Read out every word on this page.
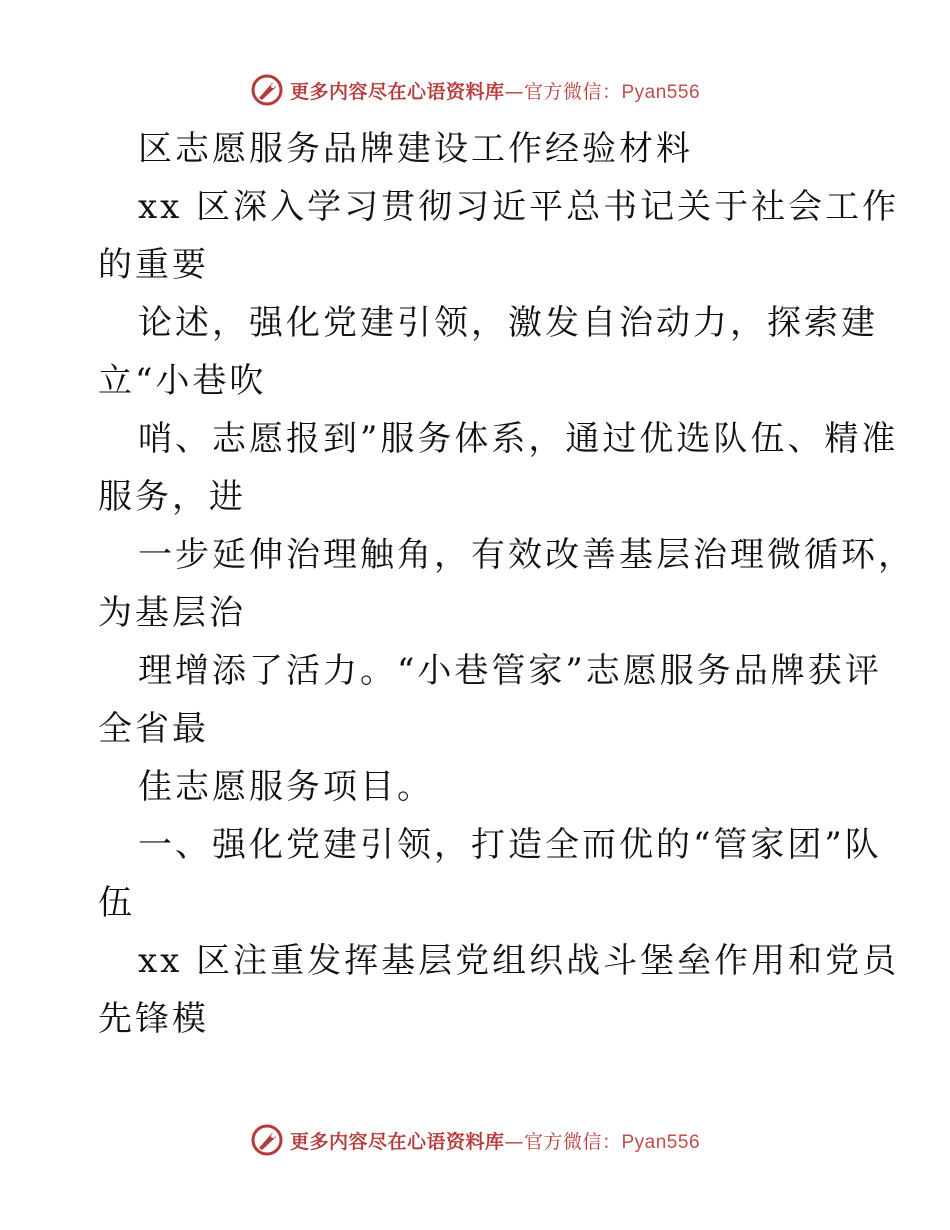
更多内容尽在心语资料库—官方微信：Pyan556
区志愿服务品牌建设工作经验材料
xx 区深入学习贯彻习近平总书记关于社会工作
的重要
论述，强化党建引领，激发自治动力，探索建
立“小巷吹
哨、志愿报到”服务体系，通过优选队伍、精准
服务，进
一步延伸治理触角，有效改善基层治理微循环，
为基层治
理增添了活力。“小巷管家”志愿服务品牌获评
全省最
佳志愿服务项目。
一、强化党建引领，打造全而优的“管家团”队
伍
xx 区注重发挥基层党组织战斗堡垒作用和党员
先锋模
更多内容尽在心语资料库—官方微信：Pyan556
